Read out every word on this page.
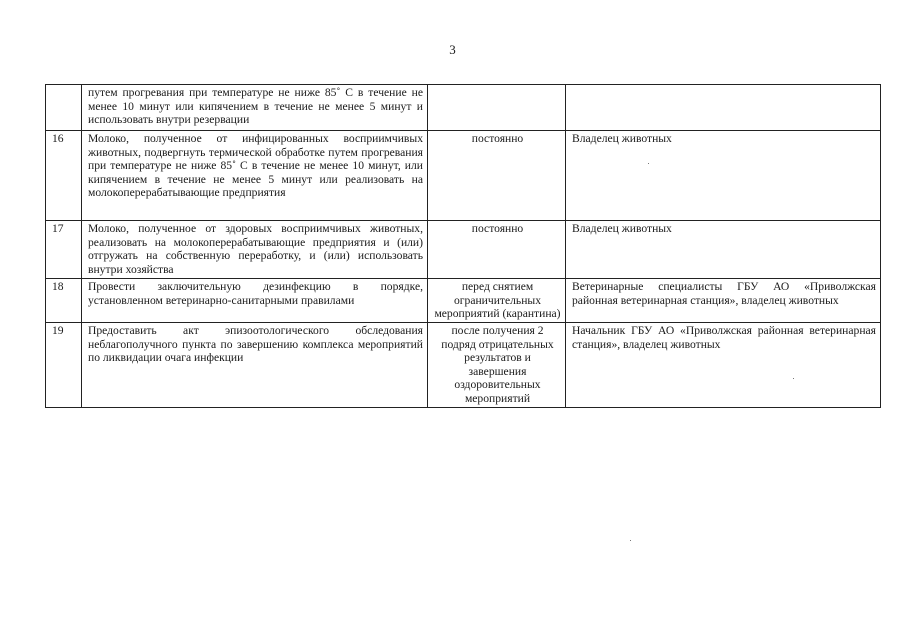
3
	путем прогревания при температуре не ниже 85˚ С в течение не менее 10 минут или кипячением в течение не менее 5 минут и использовать внутри резервации		
16	Молоко, полученное от инфицированных восприимчивых животных, подвергнуть термической обработке путем прогревания при температуре не ниже 85˚ С в течение не менее 10 минут, или кипячением в течение не менее 5 минут или реализовать на молокоперерабатывающие предприятия	постоянно	Владелец животных
17	Молоко, полученное от здоровых восприимчивых животных, реализовать на молокоперерабатывающие предприятия и (или) отгружать на собственную переработку, и (или) использовать внутри хозяйства	постоянно	Владелец животных
18	Провести заключительную дезинфекцию в порядке, установленном ветеринарно-санитарными правилами	перед снятием ограничительных мероприятий (карантина)	Ветеринарные специалисты ГБУ АО «Приволжская районная ветеринарная станция», владелец животных
19	Предоставить акт эпизоотологического обследования неблагополучного пункта по завершению комплекса мероприятий по ликвидации очага инфекции	после получения 2 подряд отрицательных результатов и завершения оздоровительных мероприятий	Начальник ГБУ АО «Приволжская районная ветеринарная станция», владелец животных
